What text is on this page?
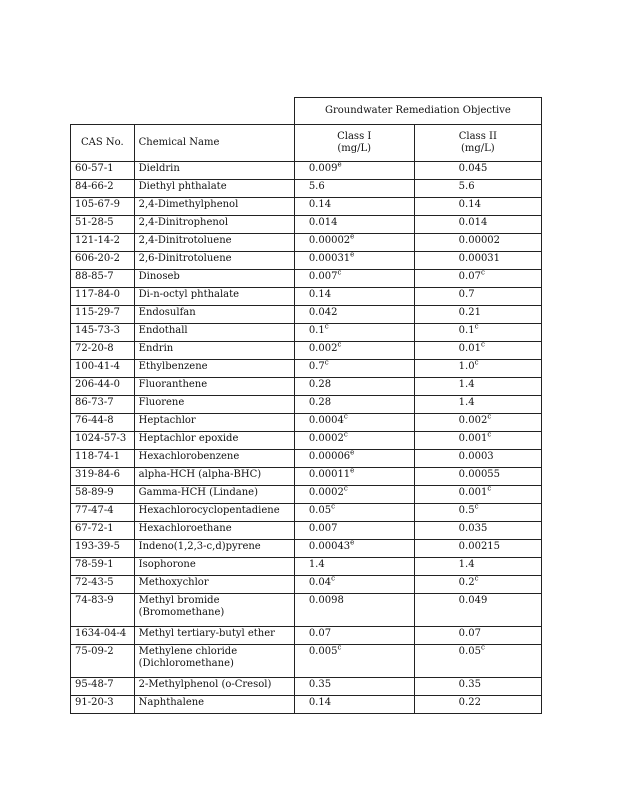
		Groundwater Remediation Objective	
CAS No.	Chemical Name	Class I
(mg/L)	Class II
(mg/L)
60-57-1	Dieldrin	0.009e	0.045
84-66-2	Diethyl phthalate	5.6	5.6
105-67-9	2,4-Dimethylphenol	0.14	0.14
51-28-5	2,4-Dinitrophenol	0.014	0.014
121-14-2	2,4-Dinitrotoluene	0.00002e	0.00002
606-20-2	2,6-Dinitrotoluene	0.00031e	0.00031
88-85-7	Dinoseb	0.007$^c$	0.07$^c$
117-84-0	Di-n-octyl phthalate	0.14	0.7
115-29-7	Endosulfan	0.042	0.21
145-73-3	Endothall	0.1$^c$	0.1$^c$
72-20-8	Endrin	0.002$^c$	0.01$^c$
100-41-4	Ethylbenzene	0.7$^c$	1.0$^c$
206-44-0	Fluoranthene	0.28	1.4
86-73-7	Fluorene	0.28	1.4
76-44-8	Heptachlor	0.0004$^c$	0.002$^c$
1024-57-3	Heptachlor epoxide	0.0002$^c$	0.001$^c$
118-74-1	Hexachlorobenzene	0.00006e	0.0003
319-84-6	alpha-HCH (alpha-BHC)	0.00011e	0.00055
58-89-9	Gamma-HCH (Lindane)	0.0002$^c$	0.001$^c$
77-47-4	Hexachlorocyclopentadiene	0.05$^c$	0.5$^c$
67-72-1	Hexachloroethane	0.007	0.035
193-39-5	Indeno(1,2,3-c,d)pyrene	0.00043e	0.00215
78-59-1	Isophorone	1.4	1.4
72-43-5	Methoxychlor	0.04$^c$	0.2$^c$
74-83-9	Methyl bromide
(Bromomethane)	0.0098	0.049
1634-04-4	Methyl tertiary-butyl ether	0.07	0.07
75-09-2	Methylene chloride
(Dichloromethane)	0.005$^c$	0.05$^c$
95-48-7	2-Methylphenol (o-Cresol)	0.35	0.35
91-20-3	Naphthalene	0.14	0.22
